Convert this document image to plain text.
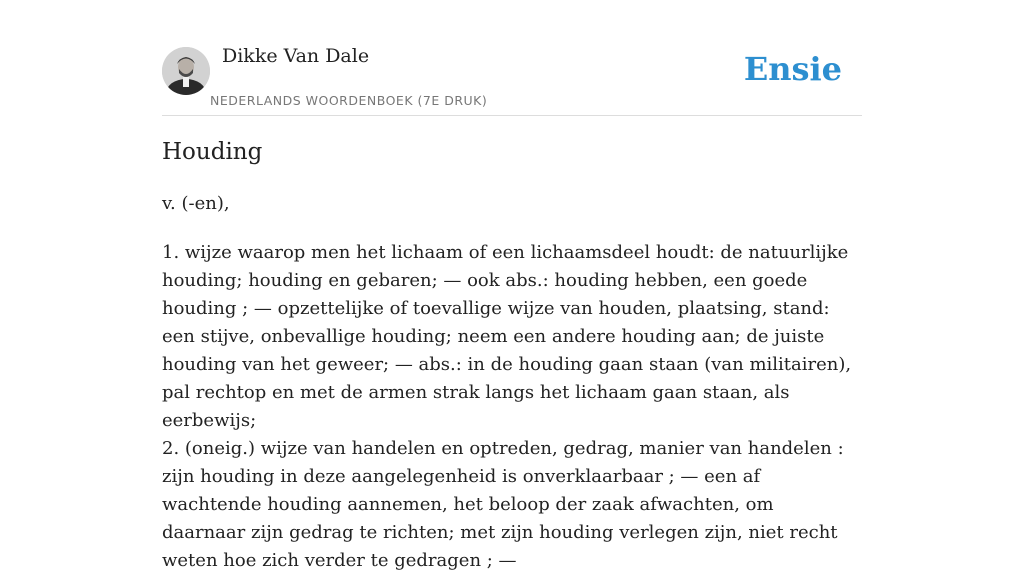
Dikke Van Dale
NEDERLANDS WOORDENBOEK (7E DRUK)
Ensie
Houding

v. (-en),

1. wijze waarop men het lichaam of een lichaamsdeel houdt: de natuurlijke houding; houding en gebaren; — ook abs.: houding hebben, een goede houding ; — opzettelijke of toevallige wijze van houden, plaatsing, stand: een stijve, onbevallige houding; neem een andere houding aan; de juiste houding van het geweer; — abs.: in de houding gaan staan (van militairen), pal rechtop en met de armen strak langs het lichaam gaan staan, als eerbewijs;
2. (oneig.) wijze van handelen en optreden, gedrag, manier van handelen : zijn houding in deze aangelegenheid is onverklaarbaar ; — een af wachtende houding aannemen, het beloop der zaak afwachten, om daarnaar zijn gedrag te richten; met zijn houding verlegen zijn, niet recht weten hoe zich verder te gedragen ; —
